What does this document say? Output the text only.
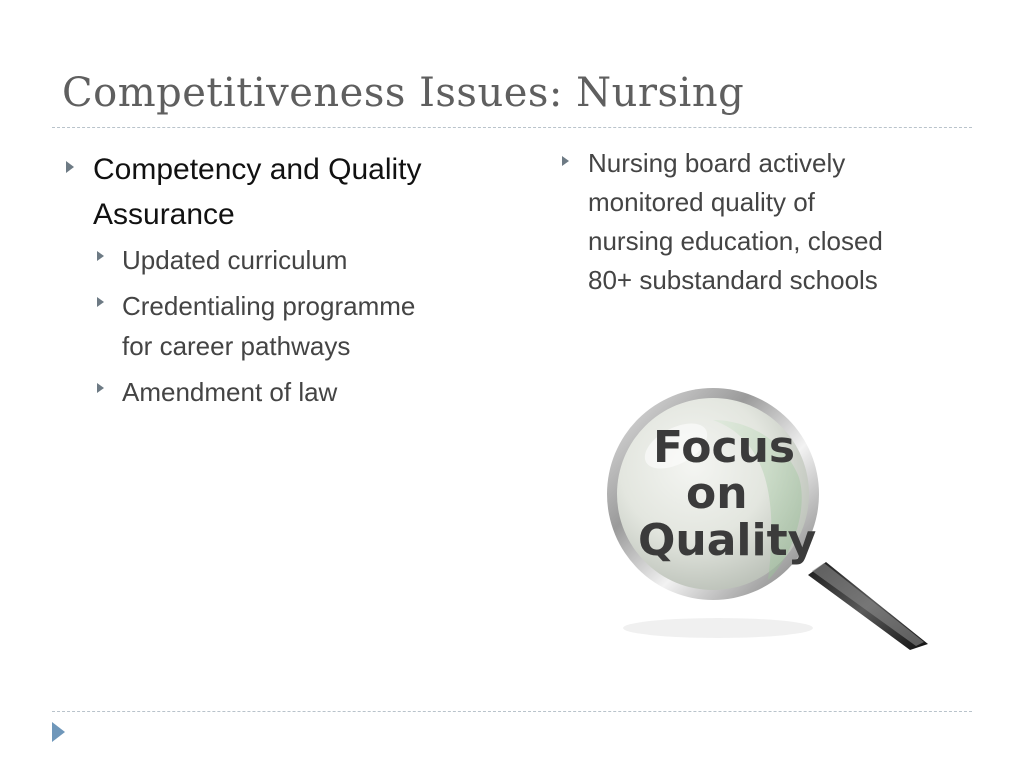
Competitiveness Issues: Nursing
Competency and Quality
Assurance
Updated curriculum
Credentialing programme
for career pathways
Amendment of law
Nursing board actively
monitored quality of
nursing education, closed
80+ substandard schools
Focus
on
Quality
